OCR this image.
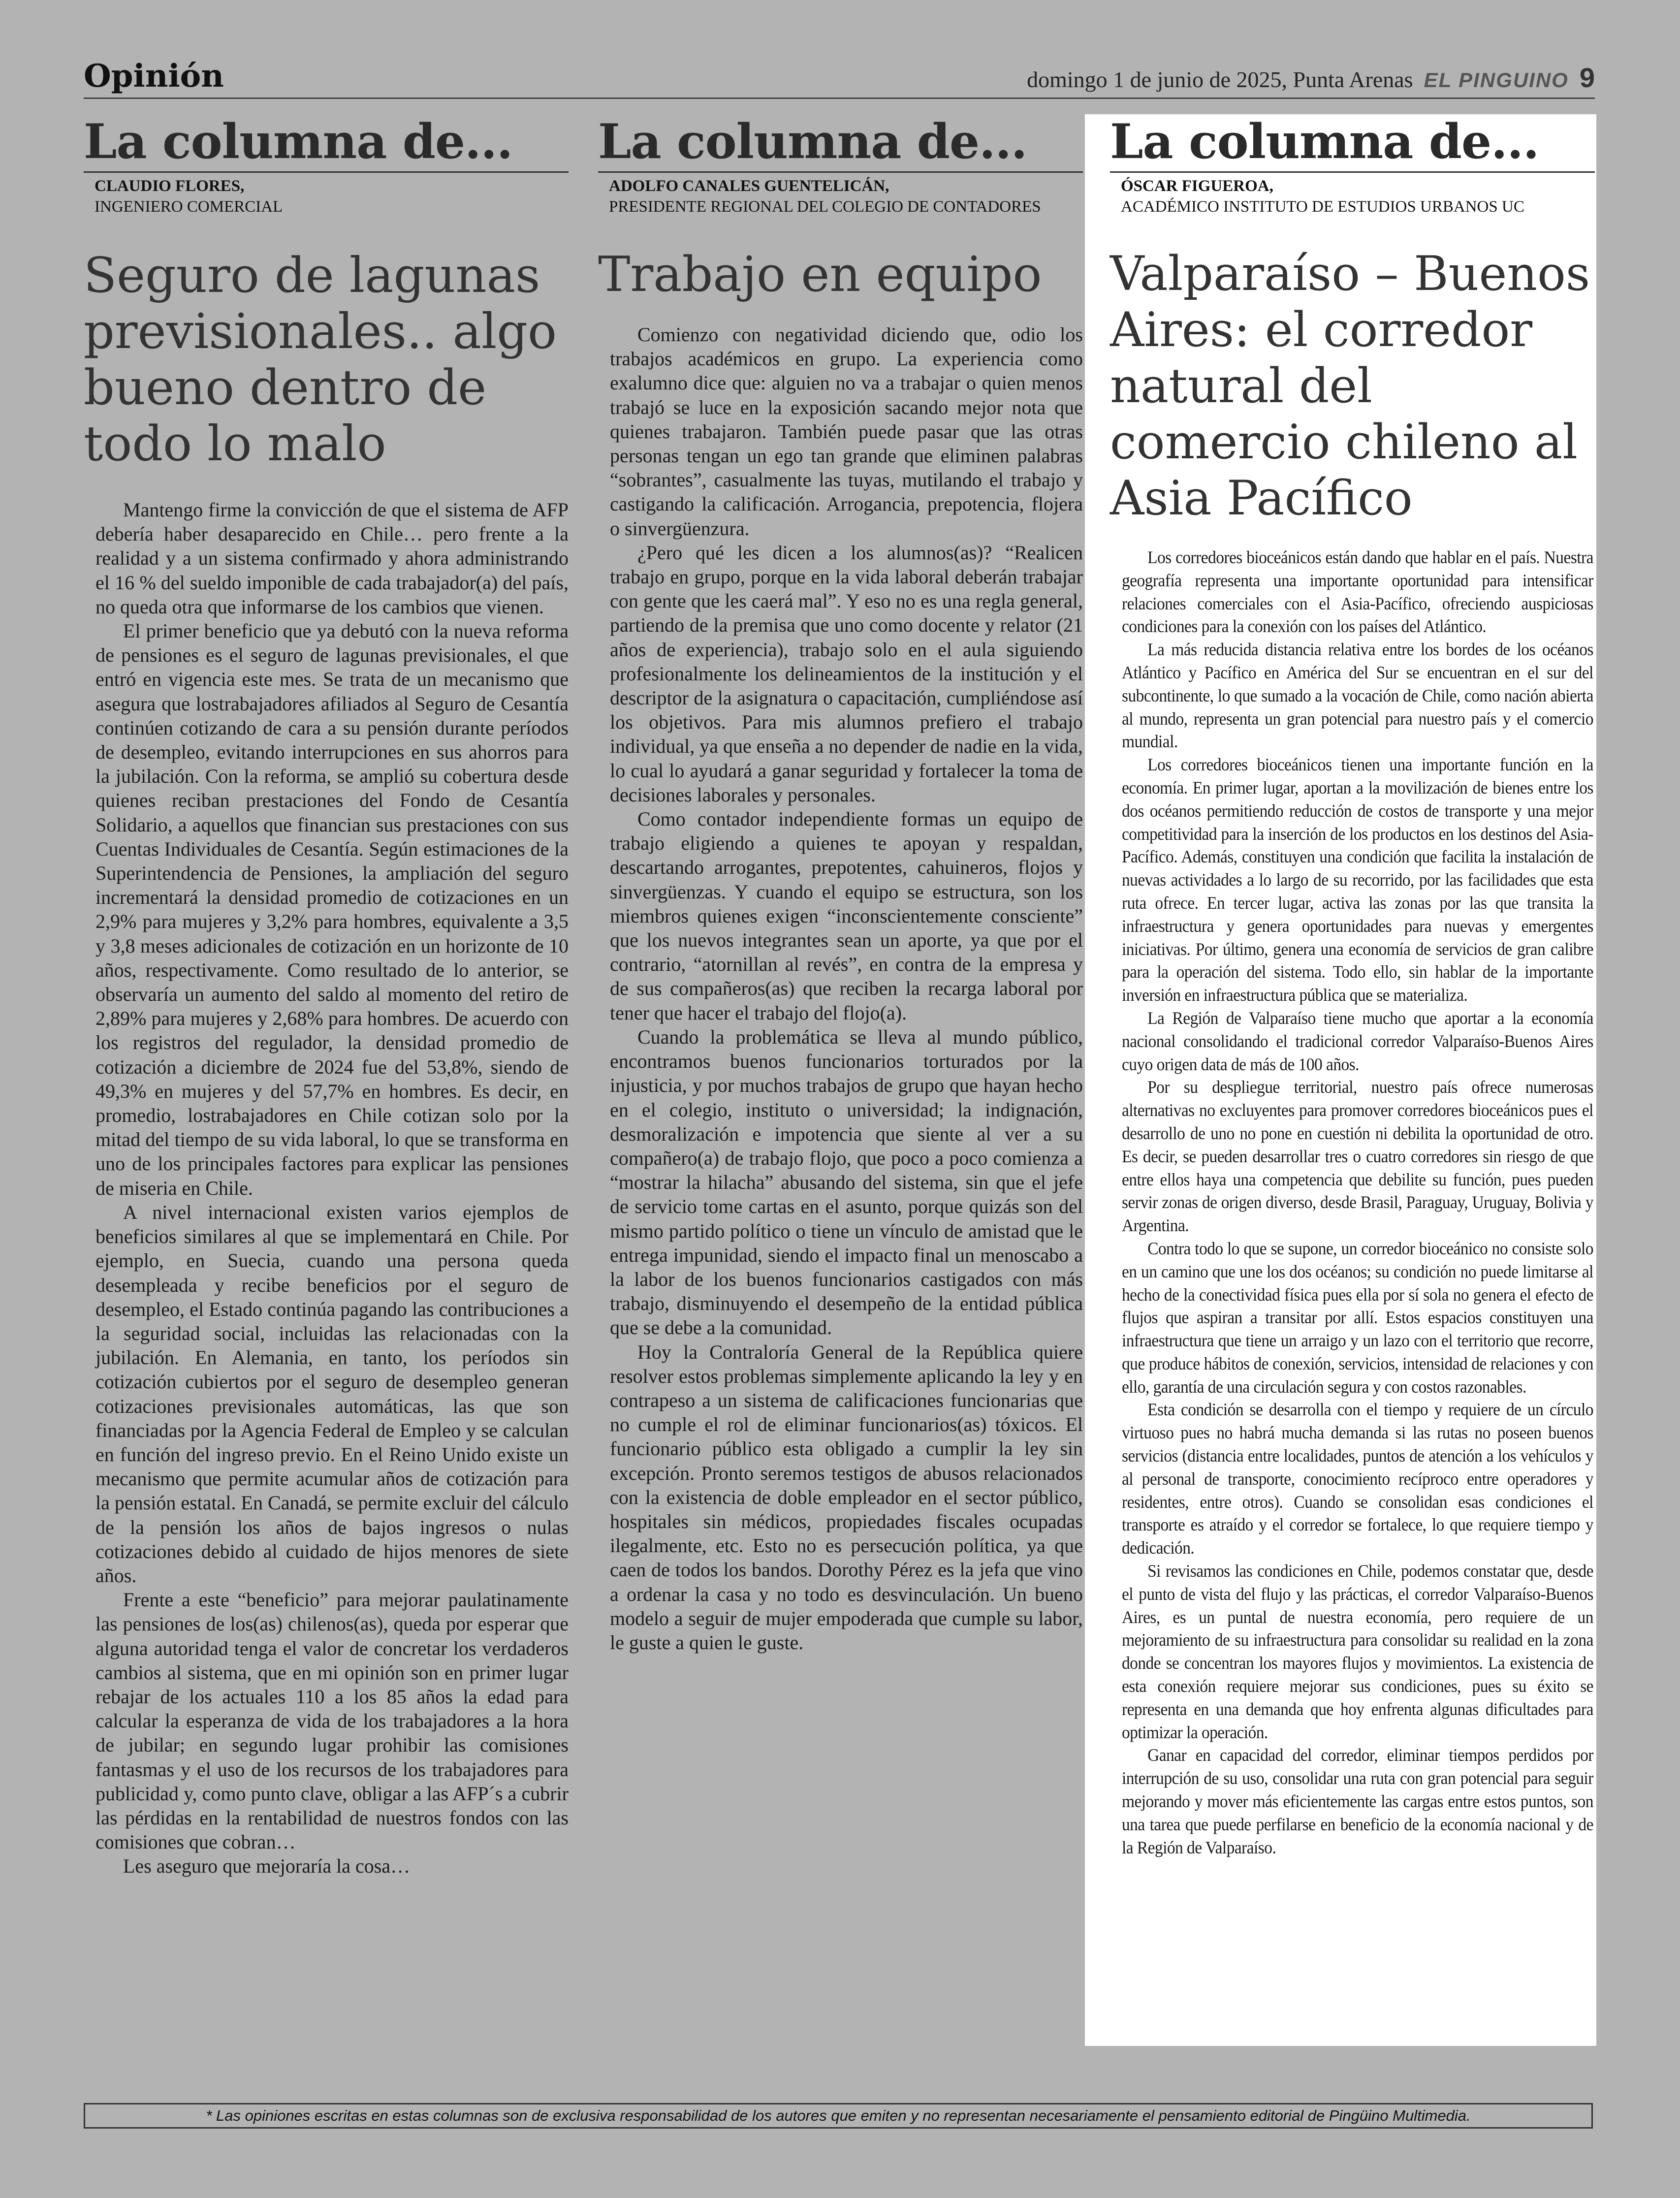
Opinión	domingo 1 de junio de 2025, Punta Arenas EL PINGUINO 9
La columna de...
CLAUDIO FLORES,
INGENIERO COMERCIAL
Seguro de lagunas previsionales.. algo bueno dentro de todo lo malo

Mantengo firme la convicción de que el sistema de AFP debería haber desaparecido en Chile… pero frente a la realidad y a un sistema confirmado y ahora administrando el 16 % del sueldo imponible de cada trabajador(a) del país, no queda otra que informarse de los cambios que vienen.

El primer beneficio que ya debutó con la nueva reforma de pensiones es el seguro de lagunas previsionales, el que entró en vigencia este mes. Se trata de un mecanismo que asegura que lostrabajadores afiliados al Seguro de Cesantía continúen cotizando de cara a su pensión durante períodos de desempleo, evitando interrupciones en sus ahorros para la jubilación. Con la reforma, se amplió su cobertura desde quienes reciban prestaciones del Fondo de Cesantía Solidario, a aquellos que financian sus prestaciones con sus Cuentas Individuales de Cesantía. Según estimaciones de la Superintendencia de Pensiones, la ampliación del seguro incrementará la densidad promedio de cotizaciones en un 2,9% para mujeres y 3,2% para hombres, equivalente a 3,5 y 3,8 meses adicionales de cotización en un horizonte de 10 años, respectivamente. Como resultado de lo anterior, se observaría un aumento del saldo al momento del retiro de 2,89% para mujeres y 2,68% para hombres. De acuerdo con los registros del regulador, la densidad promedio de cotización a diciembre de 2024 fue del 53,8%, siendo de 49,3% en mujeres y del 57,7% en hombres. Es decir, en promedio, lostrabajadores en Chile cotizan solo por la mitad del tiempo de su vida laboral, lo que se transforma en uno de los principales factores para explicar las pensiones de miseria en Chile.

A nivel internacional existen varios ejemplos de beneficios similares al que se implementará en Chile. Por ejemplo, en Suecia, cuando una persona queda desempleada y recibe beneficios por el seguro de desempleo, el Estado continúa pagando las contribuciones a la seguridad social, incluidas las relacionadas con la jubilación. En Alemania, en tanto, los períodos sin cotización cubiertos por el seguro de desempleo generan cotizaciones previsionales automáticas, las que son financiadas por la Agencia Federal de Empleo y se calculan en función del ingreso previo. En el Reino Unido existe un mecanismo que permite acumular años de cotización para la pensión estatal. En Canadá, se permite excluir del cálculo de la pensión los años de bajos ingresos o nulas cotizaciones debido al cuidado de hijos menores de siete años.

Frente a este “beneficio” para mejorar paulatinamente las pensiones de los(as) chilenos(as), queda por esperar que alguna autoridad tenga el valor de concretar los verdaderos cambios al sistema, que en mi opinión son en primer lugar rebajar de los actuales 110 a los 85 años la edad para calcular la esperanza de vida de los trabajadores a la hora de jubilar; en segundo lugar prohibir las comisiones fantasmas y el uso de los recursos de los trabajadores para publicidad y, como punto clave, obligar a las AFP´s a cubrir las pérdidas en la rentabilidad de nuestros fondos con las comisiones que cobran…

Les aseguro que mejoraría la cosa…

La columna de...
ADOLFO CANALES GUENTELICÁN,
PRESIDENTE REGIONAL DEL COLEGIO DE CONTADORES
Trabajo en equipo

Comienzo con negatividad diciendo que, odio los trabajos académicos en grupo. La experiencia como exalumno dice que: alguien no va a trabajar o quien menos trabajó se luce en la exposición sacando mejor nota que quienes trabajaron. También puede pasar que las otras personas tengan un ego tan grande que eliminen palabras “sobrantes”, casualmente las tuyas, mutilando el trabajo y castigando la calificación. Arrogancia, prepotencia, flojera o sinvergüenzura.

¿Pero qué les dicen a los alumnos(as)? “Realicen trabajo en grupo, porque en la vida laboral deberán trabajar con gente que les caerá mal”. Y eso no es una regla general, partiendo de la premisa que uno como docente y relator (21 años de experiencia), trabajo solo en el aula siguiendo profesionalmente los delineamientos de la institución y el descriptor de la asignatura o capacitación, cumpliéndose así los objetivos. Para mis alumnos prefiero el trabajo individual, ya que enseña a no depender de nadie en la vida, lo cual lo ayudará a ganar seguridad y fortalecer la toma de decisiones laborales y personales.

Como contador independiente formas un equipo de trabajo eligiendo a quienes te apoyan y respaldan, descartando arrogantes, prepotentes, cahuineros, flojos y sinvergüenzas. Y cuando el equipo se estructura, son los miembros quienes exigen “inconscientemente consciente” que los nuevos integrantes sean un aporte, ya que por el contrario, “atornillan al revés”, en contra de la empresa y de sus compañeros(as) que reciben la recarga laboral por tener que hacer el trabajo del flojo(a).

Cuando la problemática se lleva al mundo público, encontramos buenos funcionarios torturados por la injusticia, y por muchos trabajos de grupo que hayan hecho en el colegio, instituto o universidad; la indignación, desmoralización e impotencia que siente al ver a su compañero(a) de trabajo flojo, que poco a poco comienza a “mostrar la hilacha” abusando del sistema, sin que el jefe de servicio tome cartas en el asunto, porque quizás son del mismo partido político o tiene un vínculo de amistad que le entrega impunidad, siendo el impacto final un menoscabo a la labor de los buenos funcionarios castigados con más trabajo, disminuyendo el desempeño de la entidad pública que se debe a la comunidad.

Hoy la Contraloría General de la República quiere resolver estos problemas simplemente aplicando la ley y en contrapeso a un sistema de calificaciones funcionarias que no cumple el rol de eliminar funcionarios(as) tóxicos. El funcionario público esta obligado a cumplir la ley sin excepción. Pronto seremos testigos de abusos relacionados con la existencia de doble empleador en el sector público, hospitales sin médicos, propiedades fiscales ocupadas ilegalmente, etc. Esto no es persecución política, ya que caen de todos los bandos. Dorothy Pérez es la jefa que vino a ordenar la casa y no todo es desvinculación. Un bueno modelo a seguir de mujer empoderada que cumple su labor, le guste a quien le guste.

La columna de...
ÓSCAR FIGUEROA,
ACADÉMICO INSTITUTO DE ESTUDIOS URBANOS UC
Valparaíso – Buenos Aires: el corredor natural del comercio chileno al Asia Pacífico

Los corredores bioceánicos están dando que hablar en el país. Nuestra geografía representa una importante oportunidad para intensificar relaciones comerciales con el Asia-Pacífico, ofreciendo auspiciosas condiciones para la conexión con los países del Atlántico.

La más reducida distancia relativa entre los bordes de los océanos Atlántico y Pacífico en América del Sur se encuentran en el sur del subcontinente, lo que sumado a la vocación de Chile, como nación abierta al mundo, representa un gran potencial para nuestro país y el comercio mundial.

Los corredores bioceánicos tienen una importante función en la economía. En primer lugar, aportan a la movilización de bienes entre los dos océanos permitiendo reducción de costos de transporte y una mejor competitividad para la inserción de los productos en los destinos del Asia-Pacífico. Además, constituyen una condición que facilita la instalación de nuevas actividades a lo largo de su recorrido, por las facilidades que esta ruta ofrece. En tercer lugar, activa las zonas por las que transita la infraestructura y genera oportunidades para nuevas y emergentes iniciativas. Por último, genera una economía de servicios de gran calibre para la operación del sistema. Todo ello, sin hablar de la importante inversión en infraestructura pública que se materializa.

La Región de Valparaíso tiene mucho que aportar a la economía nacional consolidando el tradicional corredor Valparaíso-Buenos Aires cuyo origen data de más de 100 años.

Por su despliegue territorial, nuestro país ofrece numerosas alternativas no excluyentes para promover corredores bioceánicos pues el desarrollo de uno no pone en cuestión ni debilita la oportunidad de otro. Es decir, se pueden desarrollar tres o cuatro corredores sin riesgo de que entre ellos haya una competencia que debilite su función, pues pueden servir zonas de origen diverso, desde Brasil, Paraguay, Uruguay, Bolivia y Argentina.

Contra todo lo que se supone, un corredor bioceánico no consiste solo en un camino que une los dos océanos; su condición no puede limitarse al hecho de la conectividad física pues ella por sí sola no genera el efecto de flujos que aspiran a transitar por allí. Estos espacios constituyen una infraestructura que tiene un arraigo y un lazo con el territorio que recorre, que produce hábitos de conexión, servicios, intensidad de relaciones y con ello, garantía de una circulación segura y con costos razonables.

Esta condición se desarrolla con el tiempo y requiere de un círculo virtuoso pues no habrá mucha demanda si las rutas no poseen buenos servicios (distancia entre localidades, puntos de atención a los vehículos y al personal de transporte, conocimiento recíproco entre operadores y residentes, entre otros). Cuando se consolidan esas condiciones el transporte es atraído y el corredor se fortalece, lo que requiere tiempo y dedicación.

Si revisamos las condiciones en Chile, podemos constatar que, desde el punto de vista del flujo y las prácticas, el corredor Valparaíso-Buenos Aires, es un puntal de nuestra economía, pero requiere de un mejoramiento de su infraestructura para consolidar su realidad en la zona donde se concentran los mayores flujos y movimientos. La existencia de esta conexión requiere mejorar sus condiciones, pues su éxito se representa en una demanda que hoy enfrenta algunas dificultades para optimizar la operación.

Ganar en capacidad del corredor, eliminar tiempos perdidos por interrupción de su uso, consolidar una ruta con gran potencial para seguir mejorando y mover más eficientemente las cargas entre estos puntos, son una tarea que puede perfilarse en beneficio de la economía nacional y de la Región de Valparaíso.

* Las opiniones escritas en estas columnas son de exclusiva responsabilidad de los autores que emiten y no representan necesariamente el pensamiento editorial de Pingüino Multimedia.
